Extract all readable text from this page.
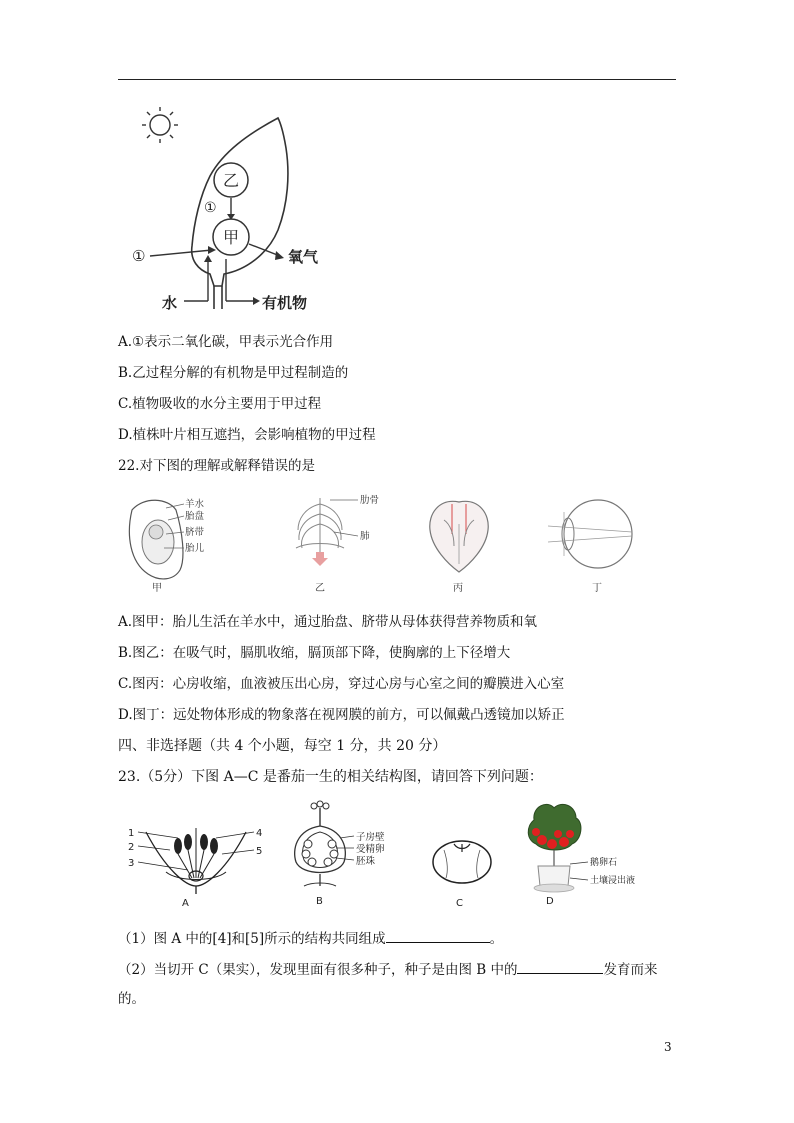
乙
甲
①
①	氧气
水	有机物
A.①表示二氧化碳，甲表示光合作用
B.乙过程分解的有机物是甲过程制造的
C.植物吸收的水分主要用于甲过程
D.植株叶片相互遮挡，会影响植物的甲过程
22.对下图的理解或解释错误的是
羊水
胎盘
脐带
胎儿
甲
肋骨
肺
乙	丙	丁
A.图甲：胎儿生活在羊水中，通过胎盘、脐带从母体获得营养物质和氧
B.图乙：在吸气时，膈肌收缩，膈顶部下降，使胸廓的上下径增大
C.图丙：心房收缩，血液被压出心房，穿过心房与心室之间的瓣膜进入心室
D.图丁：远处物体形成的物象落在视网膜的前方，可以佩戴凸透镜加以矫正
四、非选择题（共 4 个小题，每空 1 分，共 20 分）
23.（5分）下图 A—C 是番茄一生的相关结构图，请回答下列问题：
1
2
3
4
5
A
子房壁
受精卵
胚珠
B	C
鹅卵石
土壤浸出液
D
（1）图 A 中的[4]和[5]所示的结构共同组成	。
（2）当切开 C（果实），发现里面有很多种子，种子是由图 B 中的	发育而来
的。
3
